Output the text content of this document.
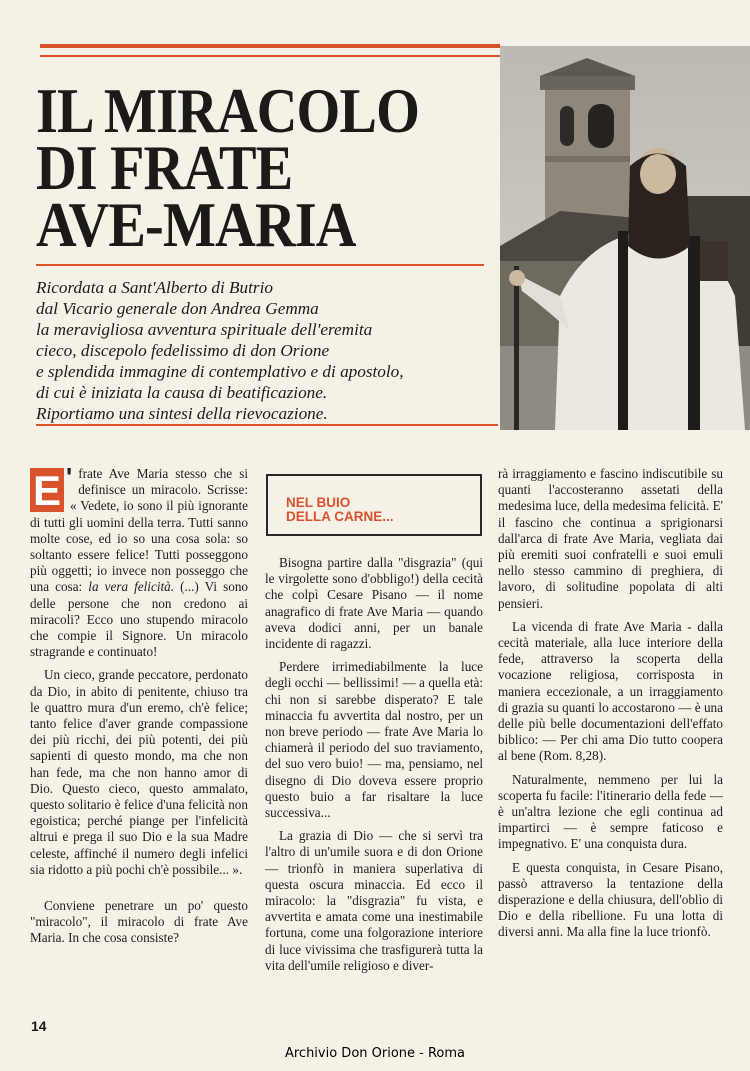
IL MIRACOLO
DI FRATE
AVE-MARIA
Ricordata a Sant'Alberto di Butrio
dal Vicario generale don Andrea Gemma
la meravigliosa avventura spirituale dell'eremita
cieco, discepolo fedelissimo di don Orione
e splendida immagine di contemplativo e di apostolo,
di cui è iniziata la causa di beatificazione.
Riportiamo una sintesi della rievocazione.

E ' frate Ave Maria stesso che si definisce un miracolo. Scrisse: « Vedete, io sono il più ignorante di tutti gli uomini della terra. Tutti sanno molte cose, ed io so una cosa sola: so soltanto essere felice! Tutti posseggono più oggetti; io invece non posseggo che una cosa: la vera felicità. (...) Vi sono delle persone che non credono ai miracoli? Ecco uno stupendo miracolo che compie il Signore. Un miracolo stragrande e continuato!

Un cieco, grande peccatore, perdonato da Dio, in abito di penitente, chiuso tra le quattro mura d'un eremo, ch'è felice; tanto felice d'aver grande compassione dei più ricchi, dei più potenti, dei più sapienti di questo mondo, ma che non han fede, ma che non hanno amor di Dio. Questo cieco, questo ammalato, questo solitario è felice d'una felicità non egoistica; perché piange per l'infelicità altrui e prega il suo Dio e la sua Madre celeste, affinché il numero degli infelici sia ridotto a più pochi ch'è possibile... ».

Conviene penetrare un po' questo "miracolo", il miracolo di frate Ave Maria. In che cosa consiste?

NEL BUIO
DELLA CARNE...

Bisogna partire dalla "disgrazia" (qui le virgolette sono d'obbligo!) della cecità che colpì Cesare Pisano — il nome anagrafico di frate Ave Maria — quando aveva dodici anni, per un banale incidente di ragazzi.

Perdere irrimediabilmente la luce degli occhi — bellissimi! — a quella età: chi non si sarebbe disperato? E tale minaccia fu avvertita dal nostro, per un non breve periodo — frate Ave Maria lo chiamerà il periodo del suo traviamento, del suo vero buio! — ma, pensiamo, nel disegno di Dio doveva essere proprio questo buio a far risaltare la luce successiva...

La grazia di Dio — che si servì tra l'altro di un'umile suora e di don Orione — trionfò in maniera superlativa di questa oscura minaccia. Ed ecco il miracolo: la "disgrazia" fu vista, e avvertita e amata come una inestimabile fortuna, come una folgorazione interiore di luce vivissima che trasfigurerà tutta la vita dell'umile religioso e diver-

rà irraggiamento e fascino indiscutibile su quanti l'accosteranno assetati della medesima luce, della medesima felicità. E' il fascino che continua a sprigionarsi dall'arca di frate Ave Maria, vegliata dai più eremiti suoi confratelli e suoi emuli nello stesso cammino di preghiera, di lavoro, di solitudine popolata di alti pensieri.

La vicenda di frate Ave Maria - dalla cecità materiale, alla luce interiore della fede, attraverso la scoperta della vocazione religiosa, corrisposta in maniera eccezionale, a un irraggiamento di grazia su quanti lo accostarono — è una delle più belle documentazioni dell'effato biblico: — Per chi ama Dio tutto coopera al bene (Rom. 8,28).

Naturalmente, nemmeno per lui la scoperta fu facile: l'itinerario della fede — è un'altra lezione che egli continua ad impartirci — è sempre faticoso e impegnativo. E' una conquista dura.

E questa conquista, in Cesare Pisano, passò attraverso la tentazione della disperazione e della chiusura, dell'oblìo di Dio e della ribellione. Fu una lotta di diversi anni. Ma alla fine la luce trionfò.

14
Archivio Don Orione - Roma
